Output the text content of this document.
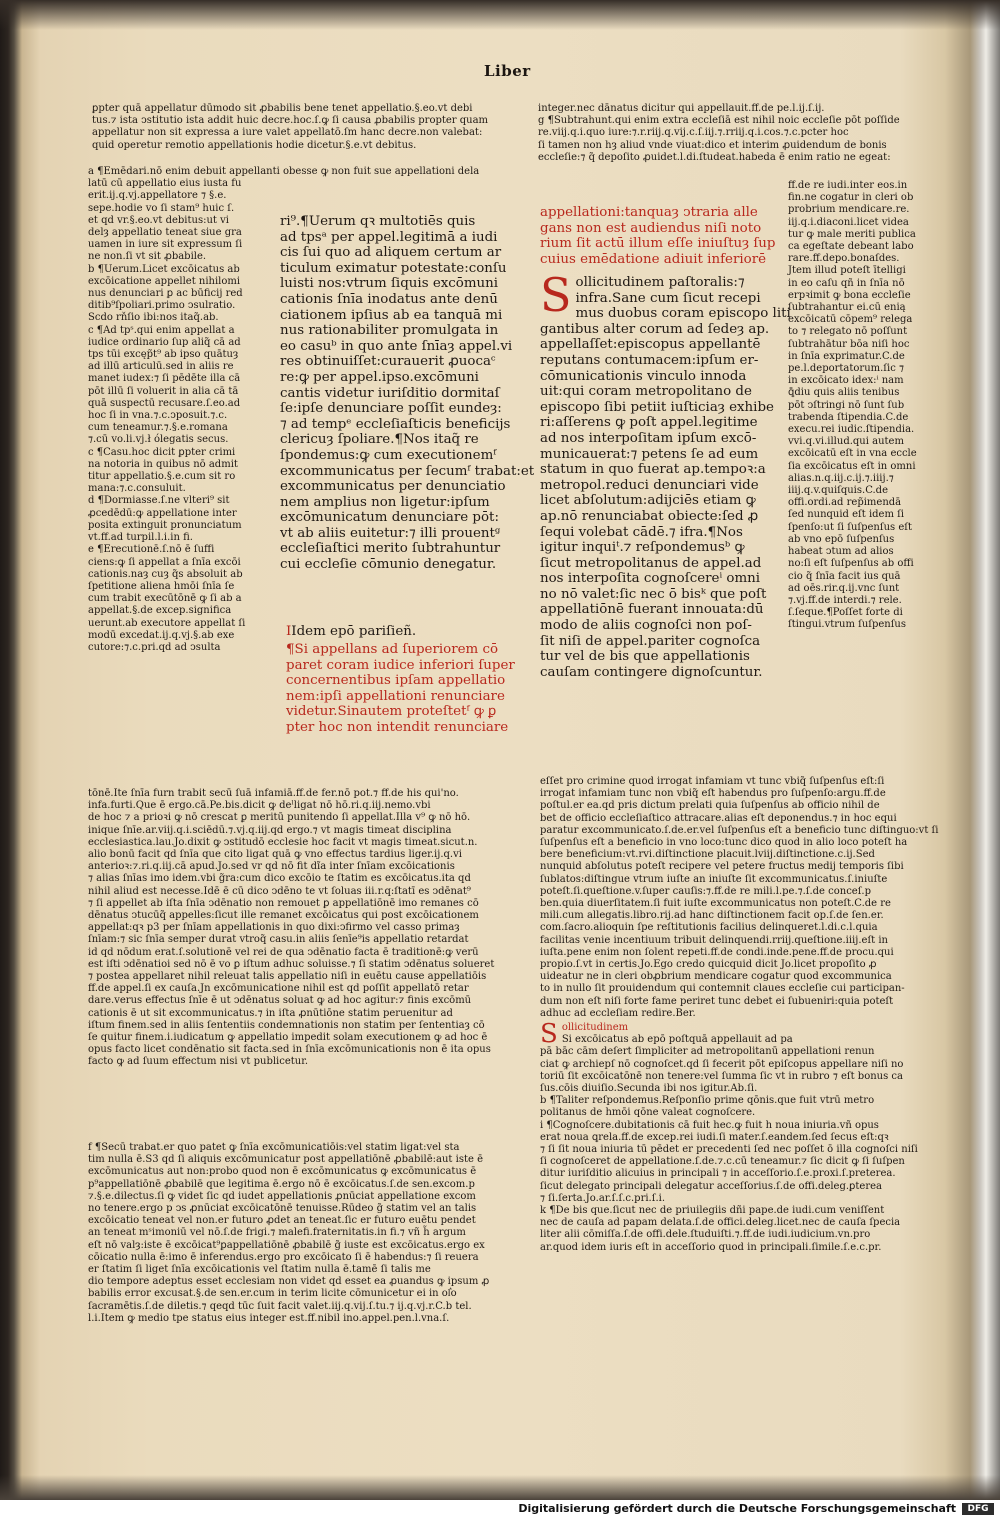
Liber

ꝑpter quā appellatur dūmodo sit ꝓbabilis bene tenet appellatio.§.eo.vt debi

tus.⁊ ista ↄstitutio ista addit huic decre.hoc.ſ.ꝙ ſi causa ꝓbabilis propter quam

appellatur non sit expressa a iure valet appellatō.ſm hanc decre.non valebat:

quid operetur remotio appellationis hodie dicetur.§.e.vt debitus.

a ¶Emēdari.nō enim debuit appellanti obesse ꝙ non fuit sue appellationi dela

latū cū appellatio eius iusta fu

erit.ij.q.vj.appellatore ⁊ §.e.

sepe.hodie vo ſi stam⁹ huic ſ.

et qd vr.§.eo.vt debitus:ut vi

delȝ appellatio teneat siue gra

uamen in iure sit expressum ſi

ne non.ſi vt sit ꝓbabile.

b ¶Uerum.Licet excōicatus ab

excōicatione appellet nihilomi

nus denunciari ꝑ ac būficij red

ditib⁹ſpoliari.primo ↄsulratio.

Scdo rňſio ibi:nos itaq̃.ab.

c ¶Ad tpˢ.qui enim appellat a

iudice ordinario ſup aliq̃ cā ad

tps tūi excęp̃t⁹ ab ipso quātuȝ

ad illū articulū.sed in aliis re

manet iudex:⁊ ſi pēdēte illa cā

pōt illū ſi voluerit in alia cā tā

quā suspectū recusare.ſ.eo.ad

hoc ſi in vna.⁊.c.ↄposuit.⁊.c.

cum teneamur.⁊.§.e.romana

⁊.cū vo.li.vj.ł ólegatis secus.

c ¶Casu.hoc dicit ꝑpter crimi

na notoria in quibus nō admit

titur appellatio.§.e.cum sit ro

mana:⁊.c.consuluit.

d ¶Dormiasse.ſ.ne vlteri⁹ sit

ꝓcedēdū:ꝙ appellatione inter

posita extinguit pronunciatum

vt.ff.ad turpil.l.i.in fi.

e ¶Erecutionē.ſ.nō ē ſuffi

ciens:ꝙ ſi appellat a ſnīa excōi

cationis.naȝ cuȝ q̃s absoluit ab

ſpetitione aliena hmōi ſnīa ſe

cum trabit execūtōnē ꝙ ſi ab a

appellat.§.de excep.significa

uerunt.ab executore appellat ſi

modū excedat.ij.q.vj.§.ab exe

cutore:⁊.c.pri.qd ad ↄsulta

tōnē.Ite ſnīa furn trabit secū ſuā infamiā.ff.de fer.nō pot.⁊ ff.de his qui'no.

infa.furti.Que ē ergo.cā.Pe.bis.dicit ꝙ deˡligat nō hō.ri.q.iij.nemo.vbi

de hoc ⁊ a prioꝛi ꝙ nō crescat ꝑ meritū punitendo ſi appellat.Illa v⁹ ꝙ nō hō.

inique ſnīe.ar.viij.q.i.sciēdū.⁊.vj.q.iij.qd ergo.⁊ vt magis timeat disciplina

ecclesiastica.lau.Jo.dixit ꝙ ↄstitudō ecclesie hoc facit vt magis timeat.sicut.n.

alio bonū facit qd ſnīa que cito ligat quā ꝙ vno effectus tardius liger.ij.q.vi

anterioꝛ:⁊.ri.q.iij.cā apud.Jo.sed vr qd nō fit dĩa inter ſnīam excōicationis

⁊ alias ſnīas imo idem.vbi g̃ra:cum dico excōio te ſtatim es excōicatus.ita qd

nihil aliud est necesse.Idē ē cū dico ↄdēno te vt ſoluas iii.r.q:ſtatī es ↄdēnat⁹

⁊ ſi appellet ab iſta ſnīa ↄdēnatio non remouet ꝑ appellatiōnē imo remanes cō

dēnatus ↄtucūq̃ appelles:ſicut ille remanet excōicatus qui post excōicationem

appellat:qꝛ p3 per ſnīam appellationis in quo dixi:ↄfirmo vel casso primaȝ

ſnīam:⁊ sic ſnīa semper durat vtroq̃ casu.in aliis ſenīe⁹is appellatio retardat

id qd nōdum erat.ſ.solutionē vel rei de qua ↄdēnatio facta ē traditionē:ꝙ verū

est iſti ↄdēnatioi sed nō ē vo ꝑ iſtum adhuc soluisse.⁊ ſi statim ↄdēnatus solueret

⁊ postea appellaret nihil releuat talis appellatio niſi in euētu cause appellatiōis

ff.de appel.ſi ex cauſa.Jn excōmunicatione nihil est qd poſſit appellatō retar

dare.verus effectus ſnīe ē ut ↄdēnatus soluat ꝙ ad hoc agitur:⁊ finis excōmū

cationis ē ut sit excommunicatus.⁊ in iſta ꝓnūtiōne statim peruenitur ad

iſtum finem.sed in aliis ſententiis condemnationis non statim per ſententiaȝ cō

ſe quitur finem.i.iudicatum ꝙ appellatio impedit solam executionem ꝙ ad hoc ē

opus facto licet condēnatio sit facta.sed in ſnīa excōmunicationis non ē ita opus

facto ꝙ ad ſuum effectum nisi vt publicetur.

f ¶Secū trabat.er quo patet ꝙ ſnīa excōmunicatiōis:vel statim ligat:vel sta

tim nulla ē.S3 qd ſi aliquis excōmunicatur post appellatiōnē ꝓbabilē:aut iste ē

excōmunicatus aut non:probo quod non ē excōmunicatus ꝙ excōmunicatus ē

p⁹appellatiōnē ꝓbabilē que legitima ē.ergo nō ē excōicatus.ſ.de sen.excom.p

⁊.§.e.dilectus.ſi ꝙ videt ſic qd iudet appellationis ꝓnūciat appellatione excom

no tenere.ergo p ↄs ꝓnūciat excōicatōnē tenuisse.Rūdeo g̃ statim vel an talis

excōicatio teneat vel non.er futuro ꝓdet an teneat.ſic er futuro euētu pendet

an teneat mˢimoniū vel nō.ſ.de frigi.⁊ malefi.fraternitatis.in fi.⁊ vñ h̃ argum

eſt nō valȝ:iste ē excōicat⁹ꝑappellatiōnē ꝓbabilē g̃ iuste est excōicatus.ergo ex

cōicatio nulla ē:imo ē inferendus.ergo pro excōicato ſi ē habendus:⁊ ſi reuera

er ſtatim ſi liget ſnīa excōicationis vel ſtatim nulla ē.tamē ſi talis me

dio tempore adeptus esset ecclesiam non videt qd esset ea ꝓuandus ꝙ ipsum ꝓ

babilis error excusat.§.de sen.er.cum in terim licite cōmunicetur ei in ol͛o

ſacramētis.ſ.de diletis.⁊ qeqd tūc ſuit facit valet.iij.q.vij.ſ.tu.⁊ ij.q.vj.r.C.b tel.

l.i.Item ꝙ medio tpe status eius integer est.ff.nibil ino.appel.pen.l.vna.ſ.

ri⁹.¶Uerum qꝛ multotiēs quis

ad tpsᵃ per appel.legitimā a iudi

cis ſui quo ad aliquem certum ar

ticulum eximatur potestate:conſu

luisti nos:vtrum ſiquis excōmuni

cationis ſnīa inodatus ante denū

ciationem ipſius ab ea tanquā mi

nus rationabiliter promulgata in

eo casuᵇ in quo ante ſnīaȝ appel.vi

res obtinuiſſet:curauerit ꝓuocaᶜ

re:ꝙ per appel.ipso.excōmuni

cantis videtur iuriſditio dormitaſ

ſe:ipſe denunciare poſſit eundeȝ:

⁊ ad tempᵉ eccleſiaſticis beneficijs

clericuȝ ſpoliare.¶Nos itaq̃ re

ſpondemus:ꝙ cum executionemᶠ

excommunicatus per ſecumᶠ trabat:et

excommunicatus per denunciatio

nem amplius non ligetur:ipſum

excōmunicatum denunciare pōt:

vt ab aliis euitetur:⁊ illi prouentᵍ

eccleſiaſtici merito ſubtrahuntur

cui eccleſie cōmunio denegatur.

IIdem epō pariſieñ.

¶Si appellans ad ſuperiorem cō

paret coram iudice inferiori ſuper

concernentibus ipſam appellatio

nem:ipſi appellationi renunciare

videtur.Sinautem proteſtetᶠ ꝙ ꝑ

pter hoc non intendit renunciare

integer.nec dānatus dicitur qui appellauit.ff.de pe.l.ij.ſ.ij.

g ¶Subtrahunt.qui enim extra eccleſiā est nihil noic eccleſie pōt poſſide

re.viij.q.i.quo iure:⁊.r.riij.q.vij.c.ſ.iij.⁊.rriij.q.i.cos.⁊.c.pcter hoc

ſi tamen non hȝ aliud vnde viuat:dico et interim ꝓuidendum de bonis

eccleſie:⁊ q̃ depoſito ꝓuidet.l.di.ſtudeat.habeda ē enim ratio ne egeat:

appellationi:tanquaȝ ↄtraria alle

gans non est audiendus niſi noto

rium ſit actū illum eſſe iniuſtuȝ ſup

cuius emēdatione adiuit inferiorē

S ollicitudinem paſtoralis:⁊

infra.Sane cum ſicut recepi

mus duobus coram episcopo liti

gantibus alter corum ad ſedeȝ ap.

appellaſſet:episcopus appellantē

reputans contumacem:ipſum er-

cōmunicationis vinculo innoda

uit:qui coram metropolitano de

episcopo ſibi petiit iuſticiaȝ exhibe

ri:aſſerens ꝙ poſt appel.legitime

ad nos interpoſitam ipſum excō-

municauerat:⁊ petens ſe ad eum

statum in quo fuerat ap.tempoꝛ:a

metropol.reduci denunciari vide

licet abſolutum:adijciēs etiam ꝙ

ap.nō renunciabat obiecte:ſed ꝓ

ſequi volebat cādē.⁊ ifra.¶Nos

igitur inquiᵗ.⁊ reſpondemusᵇ ꝙ

ſicut metropolitanus de appel.ad

nos interpoſita cognoſcereⁱ omni

no nō valet:ſic nec ō bisᵏ que poſt

appellatiōnē fuerant innouata:dū

modo de aliis cognoſci non poſ-

ſit niſi de appel.pariter cognoſca

tur vel de bis que appellationis

cauſam contingere dignoſcuntur.

ff.de re iudi.inter eos.in

fin.ne cogatur in cleri ob

probrium mendicare.re.

iij.q.i.diaconi.licet videa

tur ꝙ male meriti publica

ca egeſtate debeant labo

rare.ff.depo.bonaſdes.

Jtem illud poteſt ītelligi

in eo caſu qñ in ſnīa nō

erpꝛimit ꝙ bona eccleſie

ſubtrahantur ei.cū enią

excōicatū cōpem⁹ relega

to ⁊ relegato nō poſſunt

ſubtrahātur bōa niſi hoc

in ſnīa exprimatur.C.de

pe.l.deportatorum.ſic ⁊

in excōicato idex:ⁱ nam

ꝗ̄diu quis aliis tenibus

pōt ↄſtringi nō ſunt ſub

trabenda ſtipendia.C.de

execu.rei iudic.ſtipendia.

vvi.q.vi.illud.qui autem

excōicatū eſt in vna eccle

ſia excōicatus eſt in omni

alias.n.q.iij.c.ij.⁊.iiij.⁊

iiij.q.v.quiſquis.C.de

offi.ordi.ad rep̃imendā

ſed nunquid eſt idem ſi

ſpenſo:ut ſi ſuſpenſus eſt

ab vno epō ſuſpenſus

habeat ↄtum ad alios

no:ſi eſt ſuſpenſus ab offi

cio q̃ ſnīa facit ius quā

ad oēs.rir.q.ij.vnc ſunt

⁊.vj.ff.de interdi.⁊ rele.

ſ.ſeque.¶Poſſet forte di

ſtingui.vtrum ſuſpenſus

eſſet pro crimine quod irrogat infamiam vt tunc vbiq̃ ſuſpenſus eſt:ſi

irrogat infamiam tunc non vbiq̃ eſt habendus pro ſuſpenſo:argu.ff.de

poſtul.er ea.qd pris dictum prelati quia ſuſpenſus ab officio nihil de

bet de officio eccleſiaſtico attracare.alias eſt deponendus.⁊ in hoc equi

paratur excommunicato.ſ.de.er.vel ſuſpenſus eſt a beneficio tunc diſtinguo:vt ſi

ſuſpenſus eſt a beneficio in vno loco:tunc dico quod in alio loco poteſt ha

bere beneficium:vt.rvi.diſtinctione placuit.lviij.diſtinctione.c.ij.Sed

nunquid abſolutus poteſt recipere vel petere fructus medij temporis ſibi

ſublatos:diſtingue vtrum iuſte an iniuſte ſit excommunicatus.ſ.iniuſte

poteſt.ſi.queſtione.v.ſuper cauſis:⁊.ff.de re mili.l.pe.⁊.ſ.de conceſ.p

ben.quia diuerſitatem.ſi fuit iuſte excommunicatus non poteſt.C.de re

mili.cum allegatis.libro.rij.ad hanc diſtinctionem facit op.ſ.de ſen.er.

com.ſacro.alioquin ſpe reſtitutionis facilius delinqueret.l.di.c.l.quia

facilitas venie incentiuum tribuit delinquendi.rriij.queſtione.iiij.eſt in

iuſta.pene enim non ſolent repeti.ff.de condi.inde.pene.ff.de procu.qui

propio.ſ.vt in certis.Jo.Ego credo quicquid dicit Jo.licet propoſito ꝓ

uideatur ne in cleri obꝓbrium mendicare cogatur quod excommunica

to in nullo ſit prouidendum qui contemnit claues eccleſie cui participan-

dum non eſt niſi forte fame periret tunc debet ei ſubueniri:quia poteſt

adhuc ad eccleſiam redire.Ber.

Sollicitudinem

Si excōicatus ab epō poſtquā appellauit ad pa

pā bāc cām deſert ſimpliciter ad metropolitanū appellationi renun

ciat ꝙ archiepſ nō cognoſcet.qd ſi fecerit pōt epiſcopus appellare niſi no

toriū ſit excōicatōnē non tenere:vel ſumma ſic vt in rubro ⁊ eſt bonus ca

ſus.cōis diuiſio.Secunda ibi nos igitur.Ab.ſi.

b ¶Taliter reſpondemus.Reſponſio prime qōnis.que fuit vtrū metro

politanus de hmōi qōne valeat cognoſcere.

i ¶Cognoſcere.dubitationis cā fuit hec.ꝙ fuit h noua iniuria.vñ opus

erat noua ꝗrela.ff.de excep.rei iudi.ſi mater.ſ.eandem.ſed ſecus eſt:qꝛ

⁊ ſi ſit noua iniuria tū pēdet er precedenti ſed nec poſſet ō illa cognoſci niſi

ſi cognoſceret de appellatione.ſ.de.⁊.c.cū teneamur.⁊ ſic dicit ꝙ ſi ſuſpen

ditur iuriſditio alicuius in principali ⁊ in acceſſorio.ſ.e.proxi.ſ.preterea.

ſicut delegato principali delegatur acceſſorius.ſ.de offi.deleg.ꝑterea

⁊ ſi.ſerta.Jo.ar.ſ.ſ.c.pri.ſ.i.

k ¶De bis que.ſicut nec de priuilegiis dñi pape.de iudi.cum veniſſent

nec de cauſa ad papam delata.ſ.de offici.deleg.licet.nec de cauſa ſpecia

liter alii cōmiſſa.ſ.de offi.dele.ſtuduiſti.⁊.ff.de iudi.iudicium.vn.pro

ar.quod idem iuris eſt in acceſſorio quod in principali.ſimile.ſ.e.c.pr.

Digitalisierung gefördert durch die Deutsche Forschungsgemeinschaft	DFG
